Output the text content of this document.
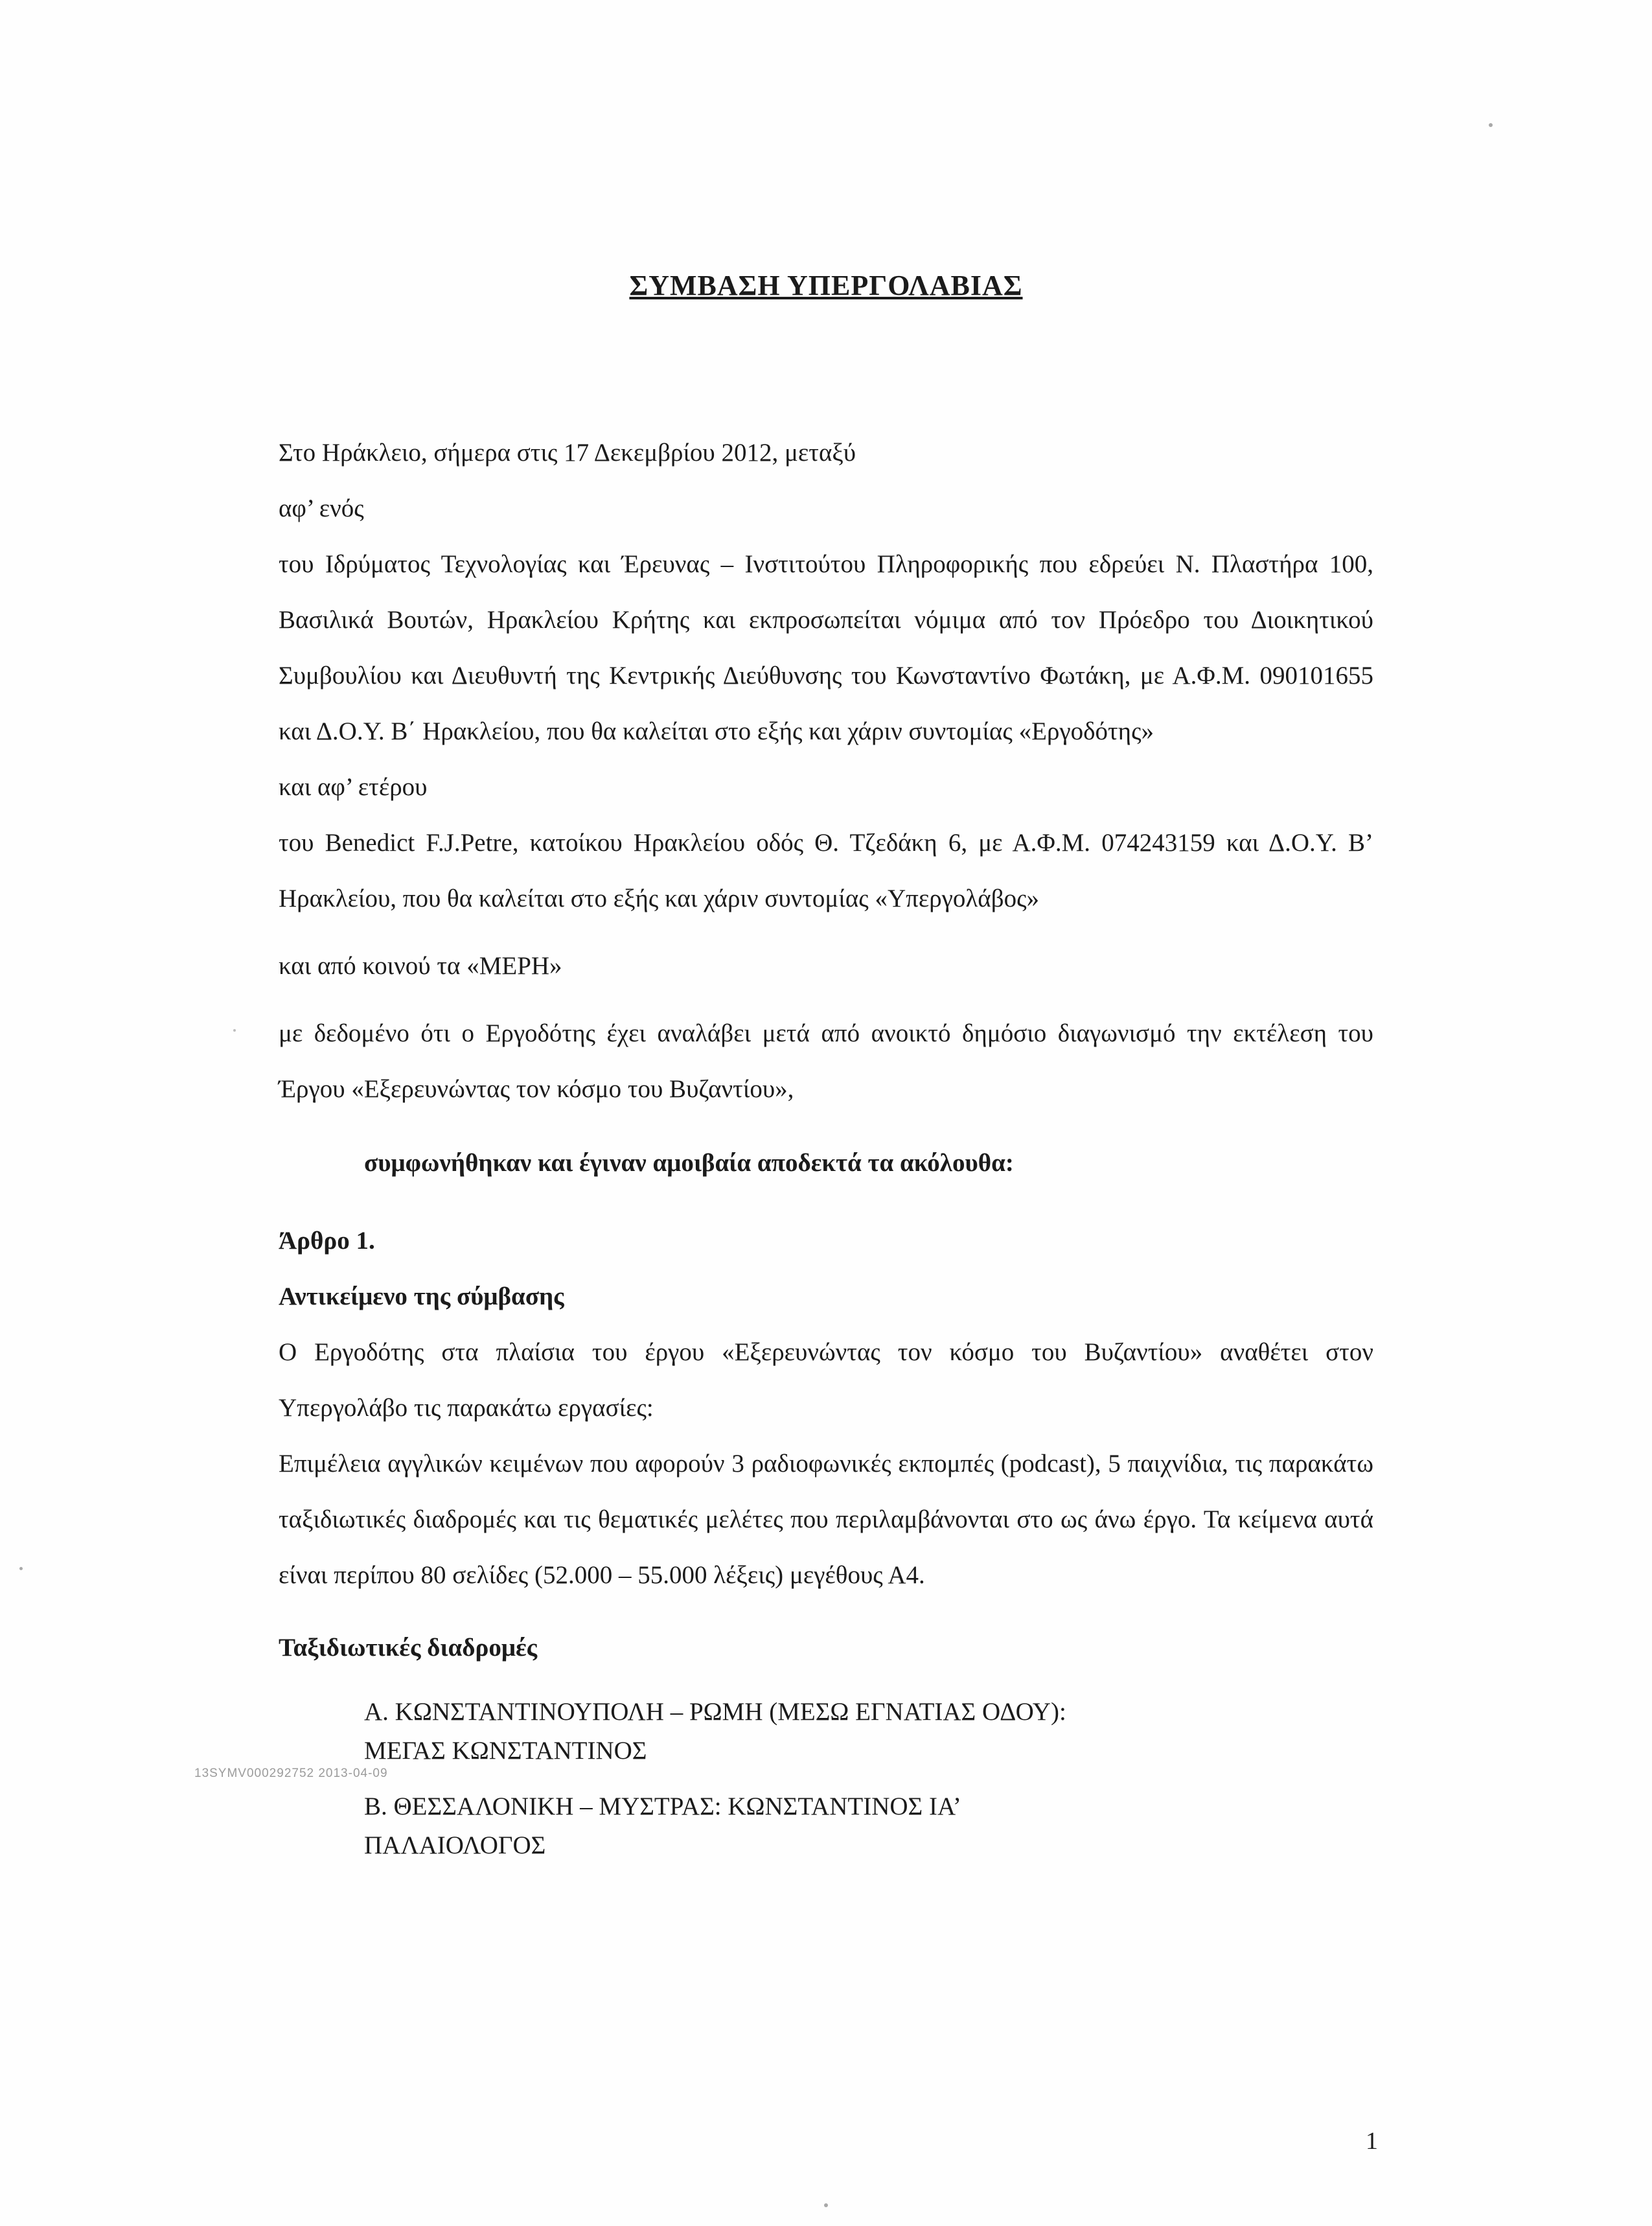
ΣΥΜΒΑΣΗ ΥΠΕΡΓΟΛΑΒΙΑΣ

Στο Ηράκλειο, σήμερα στις 17 Δεκεμβρίου 2012, μεταξύ

αφ’ ενός

του Ιδρύματος Τεχνολογίας και Έρευνας – Ινστιτούτου Πληροφορικής που εδρεύει Ν. Πλαστήρα 100, Βασιλικά Βουτών, Ηρακλείου Κρήτης και εκπροσωπείται νόμιμα από τον Πρόεδρο του Διοικητικού Συμβουλίου και Διευθυντή της Κεντρικής Διεύθυνσης του Κωνσταντίνο Φωτάκη, με Α.Φ.Μ. 090101655 και Δ.Ο.Υ. Β΄ Ηρακλείου, που θα καλείται στο εξής και χάριν συντομίας «Εργοδότης»

και αφ’ ετέρου

του Benedict F.J.Petre, κατοίκου Ηρακλείου οδός Θ. Τζεδάκη 6, με Α.Φ.Μ. 074243159 και Δ.Ο.Υ. Β’ Ηρακλείου, που θα καλείται στο εξής και χάριν συντομίας «Υπεργολάβος»

και από κοινού τα «ΜΕΡΗ»

με δεδομένο ότι ο Εργοδότης έχει αναλάβει μετά από ανοικτό δημόσιο διαγωνισμό την εκτέλεση του Έργου «Εξερευνώντας τον κόσμο του Βυζαντίου»,

συμφωνήθηκαν και έγιναν αμοιβαία αποδεκτά τα ακόλουθα:

Άρθρο 1.

Αντικείμενο της σύμβασης

Ο Εργοδότης στα πλαίσια του έργου «Εξερευνώντας τον κόσμο του Βυζαντίου» αναθέτει στον Υπεργολάβο τις παρακάτω εργασίες:

Επιμέλεια αγγλικών κειμένων που αφορούν 3 ραδιοφωνικές εκπομπές (podcast), 5 παιχνίδια, τις παρακάτω ταξιδιωτικές διαδρομές και τις θεματικές μελέτες που περιλαμβάνονται στο ως άνω έργο. Τα κείμενα αυτά είναι περίπου 80 σελίδες (52.000 – 55.000 λέξεις) μεγέθους Α4.

Ταξιδιωτικές διαδρομές

Α. ΚΩΝΣΤΑΝΤΙΝΟΥΠΟΛΗ – ΡΩΜΗ (ΜΕΣΩ ΕΓΝΑΤΙΑΣ ΟΔΟΥ):
ΜΕΓΑΣ ΚΩΝΣΤΑΝΤΙΝΟΣ
Β. ΘΕΣΣΑΛΟΝΙΚΗ – ΜΥΣΤΡΑΣ: ΚΩΝΣΤΑΝΤΙΝΟΣ ΙΑ’
ΠΑΛΑΙΟΛΟΓΟΣ
13SYMV000292752 2013-04-09
1
